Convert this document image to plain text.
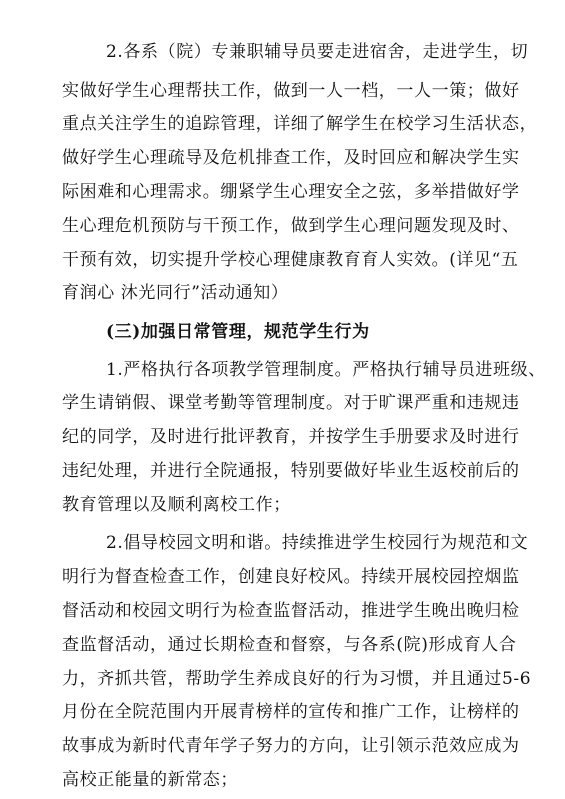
2.各系（院）专兼职辅导员要走进宿舍，走进学生，切
实做好学生心理帮扶工作，做到一人一档，一人一策；做好
重点关注学生的追踪管理，详细了解学生在校学习生活状态，
做好学生心理疏导及危机排查工作，及时回应和解决学生实
际困难和心理需求。绷紧学生心理安全之弦，多举措做好学
生心理危机预防与干预工作，做到学生心理问题发现及时、
干预有效，切实提升学校心理健康教育育人实效。(详见“五
育润心 沐光同行”活动通知）
(三)加强日常管理，规范学生行为
1.严格执行各项教学管理制度。严格执行辅导员进班级、
学生请销假、课堂考勤等管理制度。对于旷课严重和违规违
纪的同学，及时进行批评教育，并按学生手册要求及时进行
违纪处理，并进行全院通报，特别要做好毕业生返校前后的
教育管理以及顺利离校工作；
2.倡导校园文明和谐。持续推进学生校园行为规范和文
明行为督查检查工作，创建良好校风。持续开展校园控烟监
督活动和校园文明行为检查监督活动，推进学生晚出晚归检
查监督活动，通过长期检查和督察，与各系(院)形成育人合
力，齐抓共管，帮助学生养成良好的行为习惯，并且通过5-6
月份在全院范围内开展青榜样的宣传和推广工作，让榜样的
故事成为新时代青年学子努力的方向，让引领示范效应成为
高校正能量的新常态；
